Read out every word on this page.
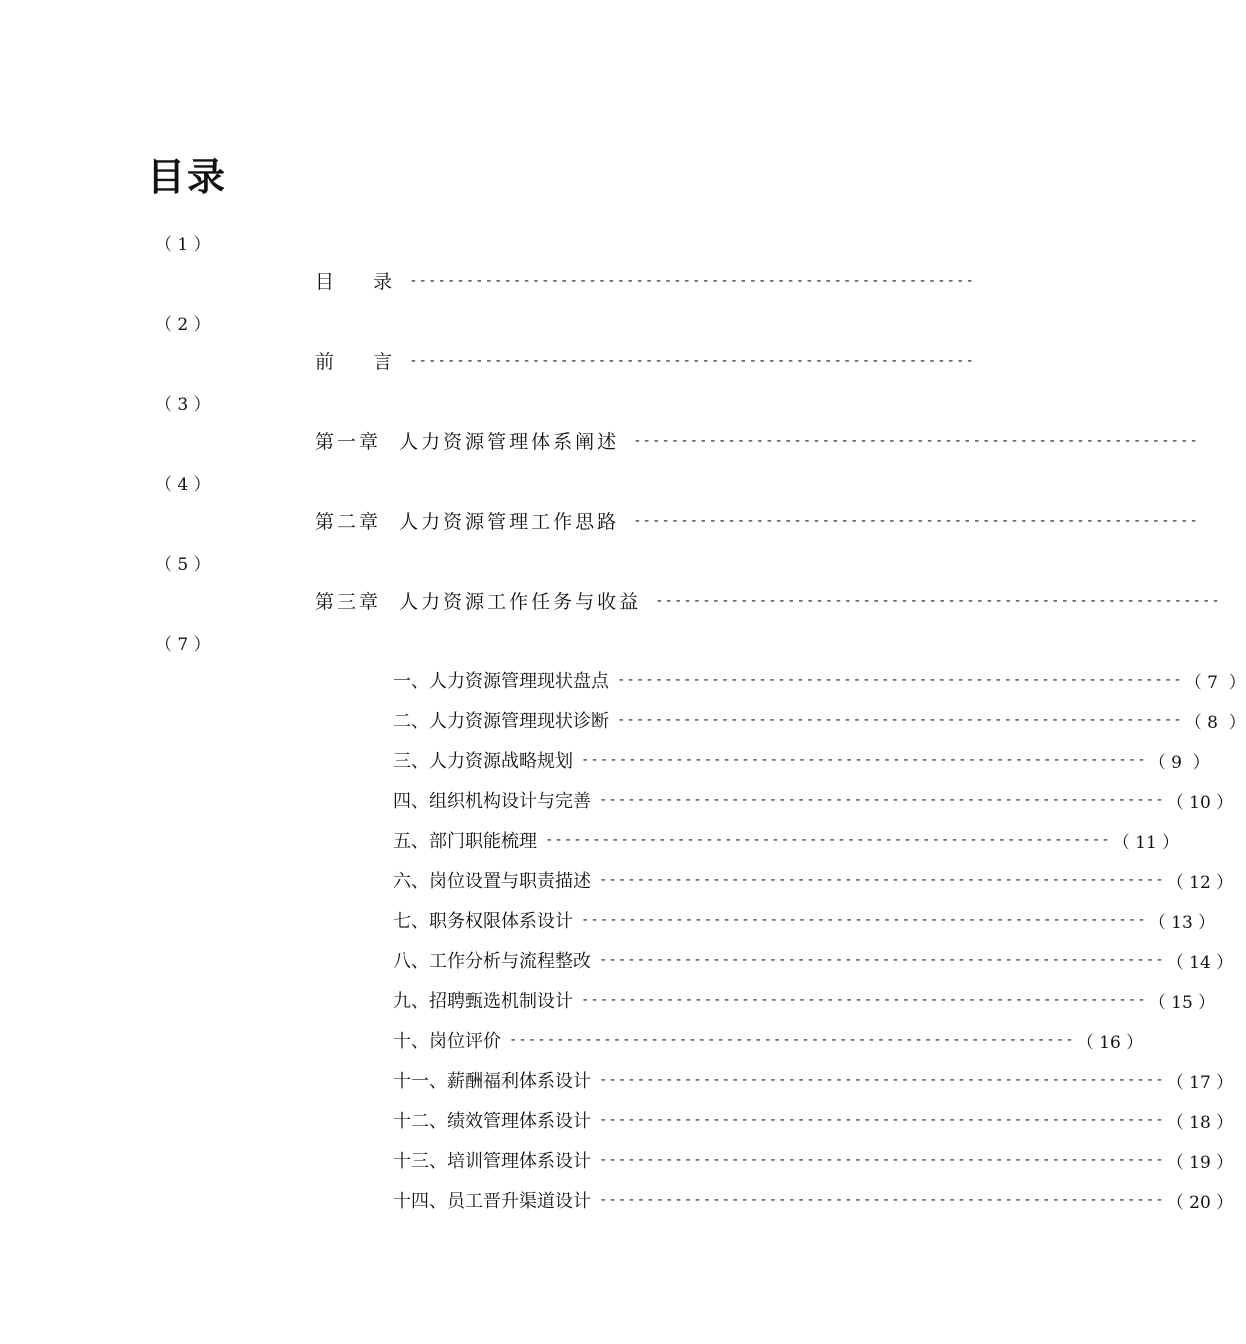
目录
（ 1 ）
（ 2 ）
（ 3 ）
（ 4 ）
（ 5 ）
（ 7 ）
目    录 ------------------------------------------------------------
前    言 ------------------------------------------------------------
第一章  人力资源管理体系阐述 ------------------------------------------------------------
第二章  人力资源管理工作思路 ------------------------------------------------------------
第三章  人力资源工作任务与收益 ------------------------------------------------------------
一、人力资源管理现状盘点 ------------------------------------------------------------ （ 7  ）
二、人力资源管理现状诊断 ------------------------------------------------------------ （ 8  ）
三、人力资源战略规划 ------------------------------------------------------------ （ 9  ）
四、组织机构设计与完善 ------------------------------------------------------------ （ 10 ）
五、部门职能梳理 ------------------------------------------------------------ （ 11 ）
六、岗位设置与职责描述 ------------------------------------------------------------ （ 12 ）
七、职务权限体系设计 ------------------------------------------------------------ （ 13 ）
八、工作分析与流程整改 ------------------------------------------------------------ （ 14 ）
九、招聘甄选机制设计 ------------------------------------------------------------ （ 15 ）
十、岗位评价 ------------------------------------------------------------ （ 16 ）
十一、薪酬福利体系设计 ------------------------------------------------------------ （ 17 ）
十二、绩效管理体系设计 ------------------------------------------------------------ （ 18 ）
十三、培训管理体系设计 ------------------------------------------------------------ （ 19 ）
十四、员工晋升渠道设计 ------------------------------------------------------------ （ 20 ）
